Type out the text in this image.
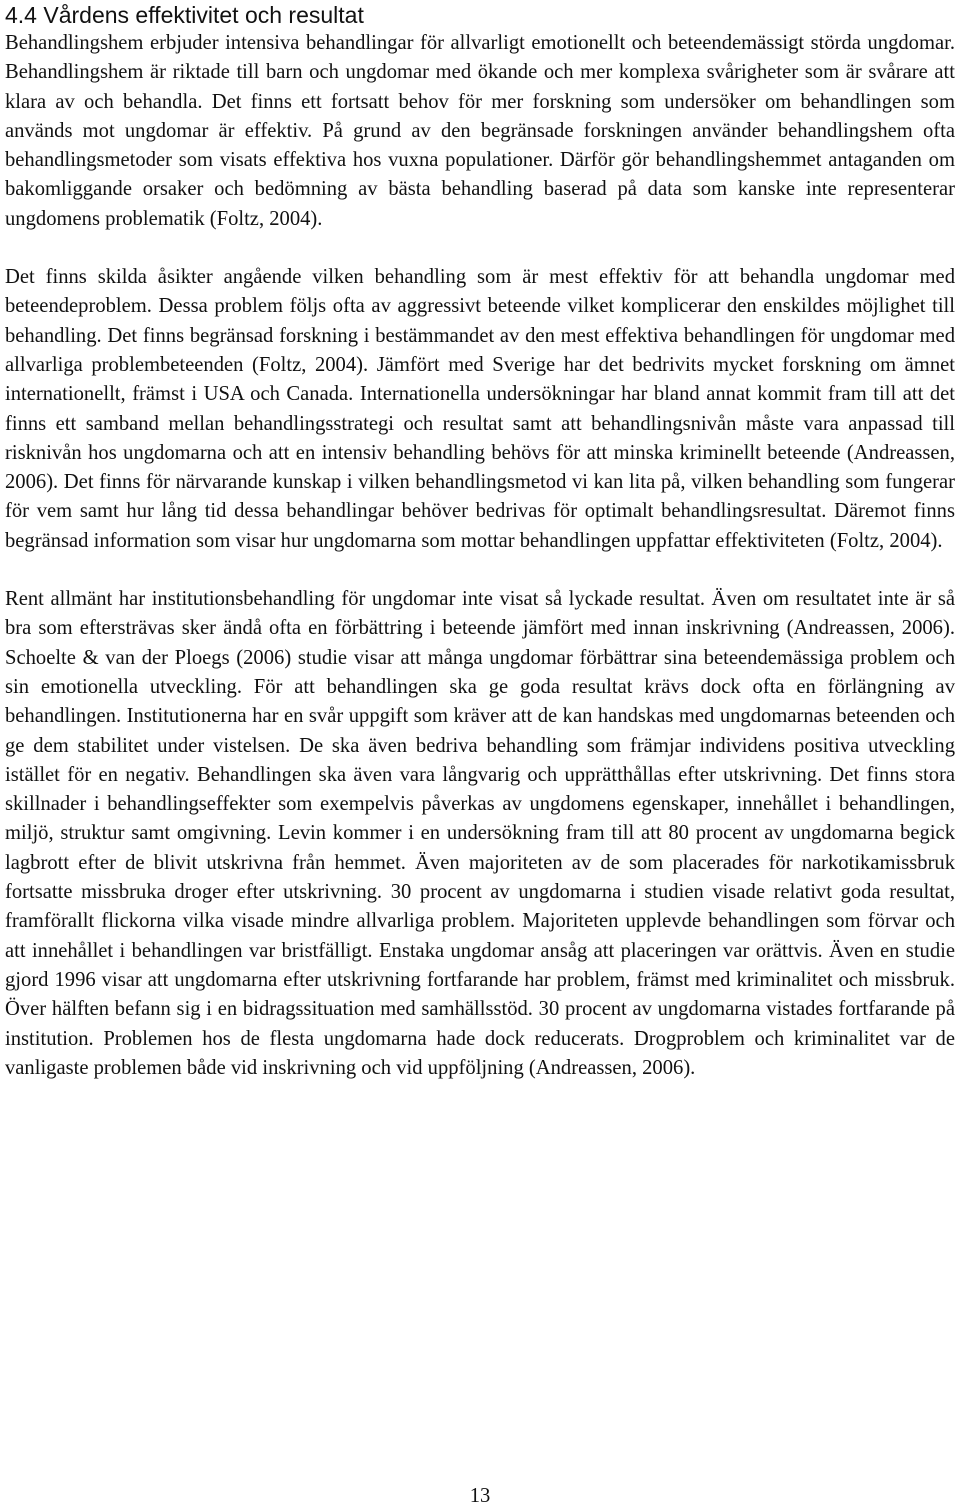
4.4 Vårdens effektivitet och resultat

Behandlingshem erbjuder intensiva behandlingar för allvarligt emotionellt och beteendemässigt störda ungdomar. Behandlingshem är riktade till barn och ungdomar med ökande och mer komplexa svårigheter som är svårare att klara av och behandla. Det finns ett fortsatt behov för mer forskning som undersöker om behandlingen som används mot ungdomar är effektiv. På grund av den begränsade forskningen använder behandlingshem ofta behandlingsmetoder som visats effektiva hos vuxna populationer. Därför gör behandlingshemmet antaganden om bakomliggande orsaker och bedömning av bästa behandling baserad på data som kanske inte representerar ungdomens problematik (Foltz, 2004).

Det finns skilda åsikter angående vilken behandling som är mest effektiv för att behandla ungdomar med beteendeproblem. Dessa problem följs ofta av aggressivt beteende vilket komplicerar den enskildes möjlighet till behandling. Det finns begränsad forskning i bestämmandet av den mest effektiva behandlingen för ungdomar med allvarliga problembeteenden (Foltz, 2004). Jämfört med Sverige har det bedrivits mycket forskning om ämnet internationellt, främst i USA och Canada. Internationella undersökningar har bland annat kommit fram till att det finns ett samband mellan behandlingsstrategi och resultat samt att behandlingsnivån måste vara anpassad till risknivån hos ungdomarna och att en intensiv behandling behövs för att minska kriminellt beteende (Andreassen, 2006). Det finns för närvarande kunskap i vilken behandlingsmetod vi kan lita på, vilken behandling som fungerar för vem samt hur lång tid dessa behandlingar behöver bedrivas för optimalt behandlingsresultat. Däremot finns begränsad information som visar hur ungdomarna som mottar behandlingen uppfattar effektiviteten (Foltz, 2004).

Rent allmänt har institutionsbehandling för ungdomar inte visat så lyckade resultat. Även om resultatet inte är så bra som eftersträvas sker ändå ofta en förbättring i beteende jämfört med innan inskrivning (Andreassen, 2006). Schoelte & van der Ploegs (2006) studie visar att många ungdomar förbättrar sina beteendemässiga problem och sin emotionella utveckling. För att behandlingen ska ge goda resultat krävs dock ofta en förlängning av behandlingen. Institutionerna har en svår uppgift som kräver att de kan handskas med ungdomarnas beteenden och ge dem stabilitet under vistelsen. De ska även bedriva behandling som främjar individens positiva utveckling istället för en negativ. Behandlingen ska även vara långvarig och upprätthållas efter utskrivning. Det finns stora skillnader i behandlingseffekter som exempelvis påverkas av ungdomens egenskaper, innehållet i behandlingen, miljö, struktur samt omgivning. Levin kommer i en undersökning fram till att 80 procent av ungdomarna begick lagbrott efter de blivit utskrivna från hemmet. Även majoriteten av de som placerades för narkotikamissbruk fortsatte missbruka droger efter utskrivning. 30 procent av ungdomarna i studien visade relativt goda resultat, framförallt flickorna vilka visade mindre allvarliga problem. Majoriteten upplevde behandlingen som förvar och att innehållet i behandlingen var bristfälligt. Enstaka ungdomar ansåg att placeringen var orättvis. Även en studie gjord 1996 visar att ungdomarna efter utskrivning fortfarande har problem, främst med kriminalitet och missbruk. Över hälften befann sig i en bidragssituation med samhällsstöd. 30 procent av ungdomarna vistades fortfarande på institution. Problemen hos de flesta ungdomarna hade dock reducerats. Drogproblem och kriminalitet var de vanligaste problemen både vid inskrivning och vid uppföljning (Andreassen, 2006).

13
